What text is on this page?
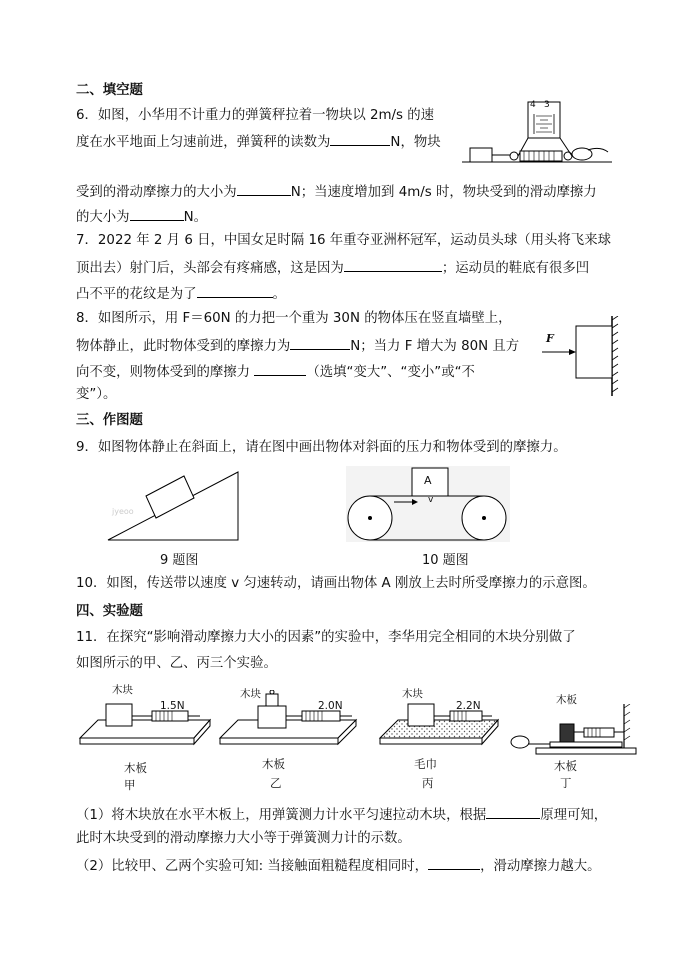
二、填空题
6．如图，小华用不计重力的弹簧秤拉着一物块以 2m/s 的速
度在水平地面上匀速前进，弹簧秤的读数为	N，物块
受到的滑动摩擦力的大小为	N；当速度增加到 4m/s 时，物块受到的滑动摩擦力
的大小为	N。
4 3
7．2022 年 2 月 6 日，中国女足时隔 16 年重夺亚洲杯冠军，运动员头球（用头将飞来球
顶出去）射门后，头部会有疼痛感，这是因为	；运动员的鞋底有很多凹
凸不平的花纹是为了	。
8．如图所示，用 F＝60N 的力把一个重为 30N 的物体压在竖直墙壁上，
物体静止，此时物体受到的摩擦力为	N；当力 F 增大为 80N 且方
向不变，则物体受到的摩擦力	（选填“变大”、“变小”或“不
变”）。
F
三、作图题
9．如图物体静止在斜面上，请在图中画出物体对斜面的压力和物体受到的摩擦力。
jyeoo
9 题图
A
v
10 题图
10．如图，传送带以速度 v 匀速转动，请画出物体 A 刚放上去时所受摩擦力的示意图。
四、实验题
11．在探究“影响滑动摩擦力大小的因素”的实验中，李华用完全相同的木块分别做了
如图所示的甲、乙、丙三个实验。
木块
1.5N
木板
甲
木块
2.0N
木板
乙
木块
2.2N
毛巾
丙
木板
木板
丁
（1）将木块放在水平木板上，用弹簧测力计水平匀速拉动木块，根据	原理可知，
此时木块受到的滑动摩擦力大小等于弹簧测力计的示数。
（2）比较甲、乙两个实验可知: 当接触面粗糙程度相同时，	，滑动摩擦力越大。
